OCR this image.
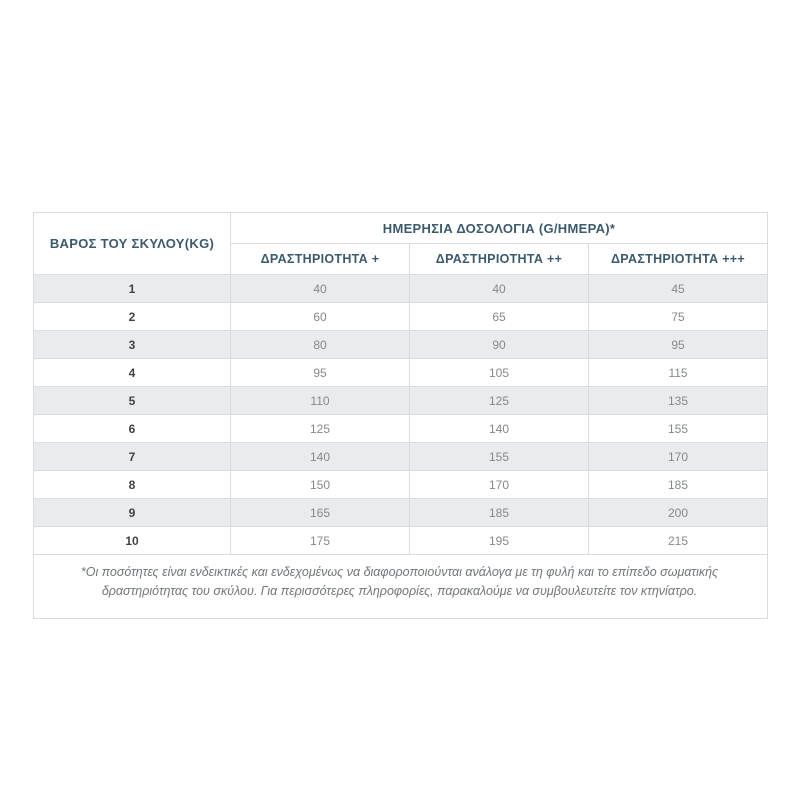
ΒΑΡΟΣ ΤΟΥ ΣΚΥΛΟΥ(KG)	ΗΜΕΡΗΣΙΑ ΔΟΣΟΛΟΓΙΑ (G/HMEPA)*		
	ΔΡΑΣΤΗΡΙΟΤΗΤΑ +	ΔΡΑΣΤΗΡΙΟΤΗΤΑ ++	ΔΡΑΣΤΗΡΙΟΤΗΤΑ +++
1	40	40	45
2	60	65	75
3	80	90	95
4	95	105	115
5	110	125	135
6	125	140	155
7	140	155	170
8	150	170	185
9	165	185	200
10	175	195	215
*Οι ποσότητες είναι ενδεικτικές και ενδεχομένως να διαφοροποιούνται ανάλογα με τη φυλή και το επίπεδο σωματικής δραστηριότητας του σκύλου. Για περισσότερες πληροφορίες, παρακαλούμε να συμβουλευτείτε τον κτηνίατρο.			
